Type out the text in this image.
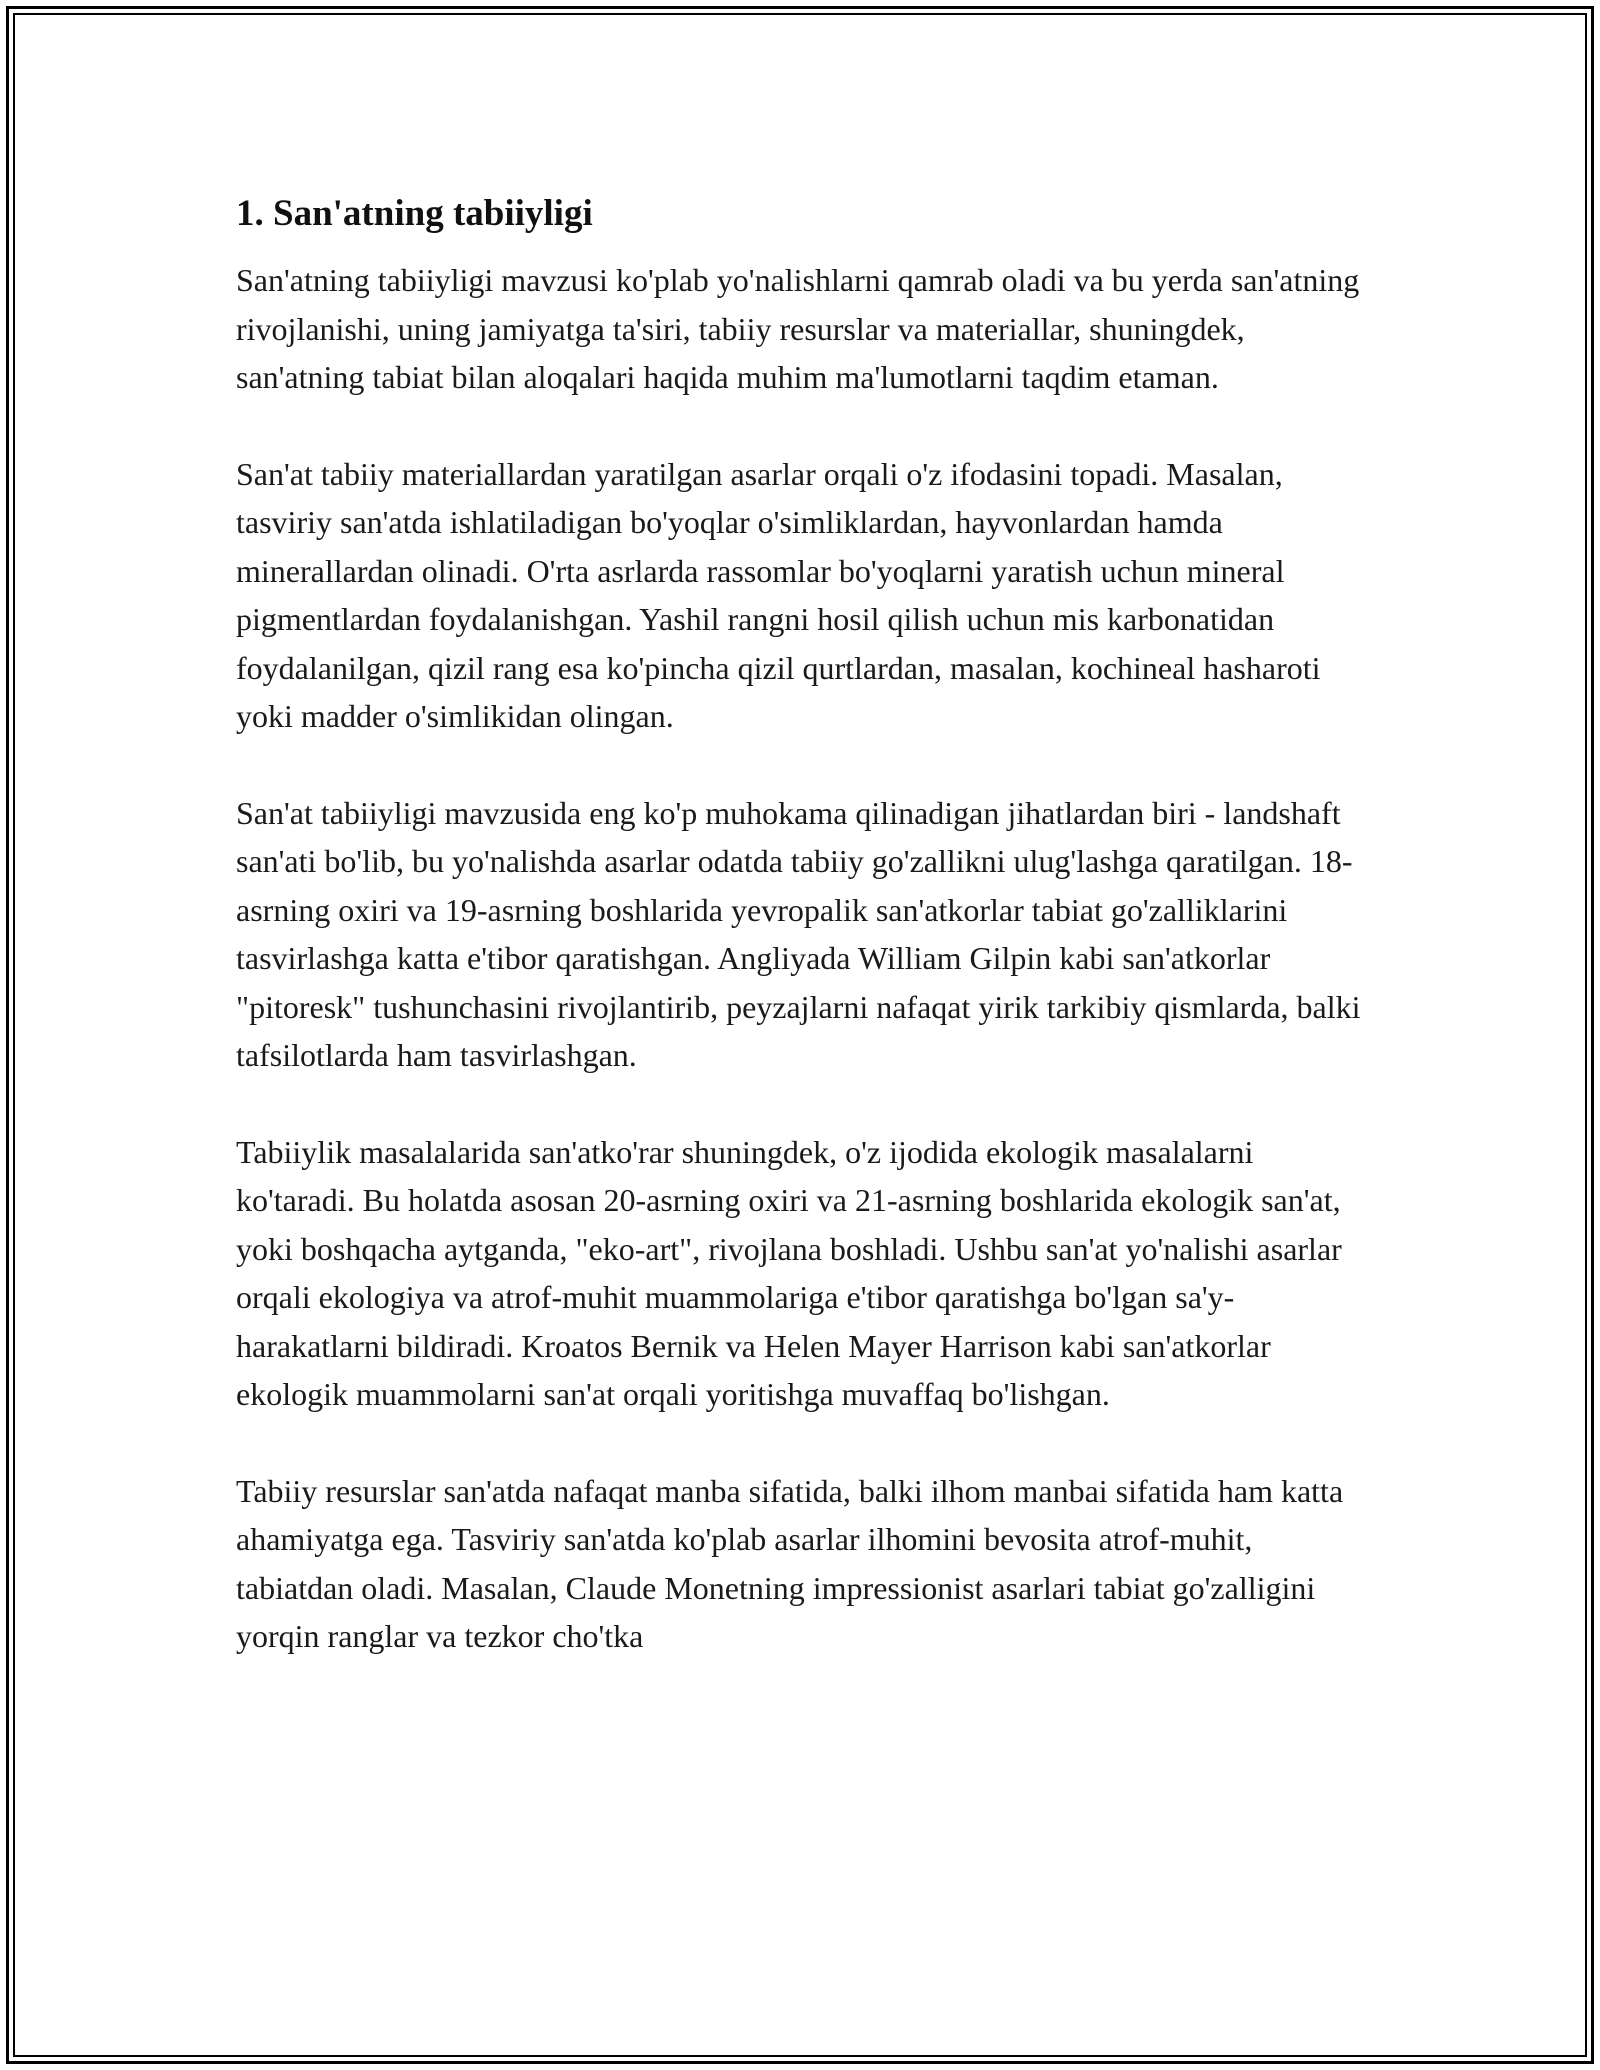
1. San'atning tabiiyligi

San'atning tabiiyligi mavzusi ko'plab yo'nalishlarni qamrab oladi va bu yerda san'atning rivojlanishi, uning jamiyatga ta'siri, tabiiy resurslar va materiallar, shuningdek, san'atning tabiat bilan aloqalari haqida muhim ma'lumotlarni taqdim etaman.

San'at tabiiy materiallardan yaratilgan asarlar orqali o'z ifodasini topadi. Masalan, tasviriy san'atda ishlatiladigan bo'yoqlar o'simliklardan, hayvonlardan hamda minerallardan olinadi. O'rta asrlarda rassomlar bo'yoqlarni yaratish uchun mineral pigmentlardan foydalanishgan. Yashil rangni hosil qilish uchun mis karbonatidan foydalanilgan, qizil rang esa ko'pincha qizil qurtlardan, masalan, kochineal hasharoti yoki madder o'simlikidan olingan.

San'at tabiiyligi mavzusida eng ko'p muhokama qilinadigan jihatlardan biri - landshaft san'ati bo'lib, bu yo'nalishda asarlar odatda tabiiy go'zallikni ulug'lashga qaratilgan. 18-asrning oxiri va 19-asrning boshlarida yevropalik san'atkorlar tabiat go'zalliklarini tasvirlashga katta e'tibor qaratishgan. Angliyada William Gilpin kabi san'atkorlar "pitoresk" tushunchasini rivojlantirib, peyzajlarni nafaqat yirik tarkibiy qismlarda, balki tafsilotlarda ham tasvirlashgan.

Tabiiylik masalalarida san'atko'rar shuningdek, o'z ijodida ekologik masalalarni ko'taradi. Bu holatda asosan 20-asrning oxiri va 21-asrning boshlarida ekologik san'at, yoki boshqacha aytganda, "eko-art", rivojlana boshladi. Ushbu san'at yo'nalishi asarlar orqali ekologiya va atrof-muhit muammolariga e'tibor qaratishga bo'lgan sa'y-harakatlarni bildiradi. Kroatos Bernik va Helen Mayer Harrison kabi san'atkorlar ekologik muammolarni san'at orqali yoritishga muvaffaq bo'lishgan.

Tabiiy resurslar san'atda nafaqat manba sifatida, balki ilhom manbai sifatida ham katta ahamiyatga ega. Tasviriy san'atda ko'plab asarlar ilhomini bevosita atrof-muhit, tabiatdan oladi. Masalan, Claude Monetning impressionist asarlari tabiat go'zalligini yorqin ranglar va tezkor cho'tka
